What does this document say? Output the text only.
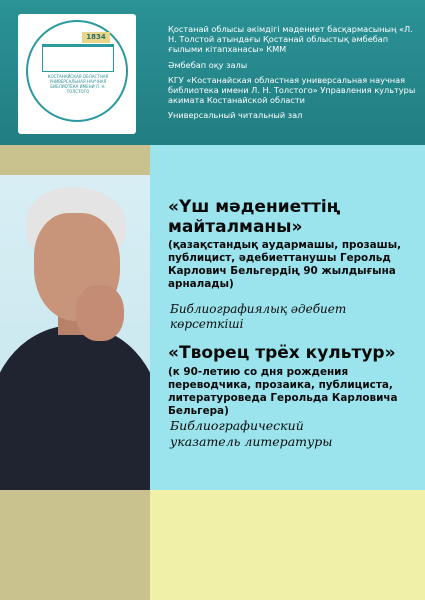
1834
КОСТАНАЙСКАЯ ОБЛАСТНАЯ УНИВЕРСАЛЬНАЯ НАУЧНАЯ БИБЛИОТЕКА ИМЕНИ Л. Н. ТОЛСТОГО
Қостанай облысы әкімдігі мәдениет басқармасының «Л. Н. Толстой атындағы Қостанай облыстық әмбебап ғылыми кітапханасы» КММ
Әмбебап оқу залы
КГУ «Костанайская областная универсальная научная библиотека имени Л. Н. Толстого» Управления культуры акимата Костанайской области
Универсальный читальный зал
«Үш мәдениеттің майталманы»
(қазақстандық аудармашы, прозашы, публицист, әдебиеттанушы Герольд Карлович Бельгердің 90 жылдығына арналады)
Библиографиялық әдебиет көрсеткіші
«Творец трёх культур»
(к 90-летию со дня рождения переводчика, прозаика, публициста, литературоведа Герольда Карловича Бельгера)
Библиографический указатель литературы
